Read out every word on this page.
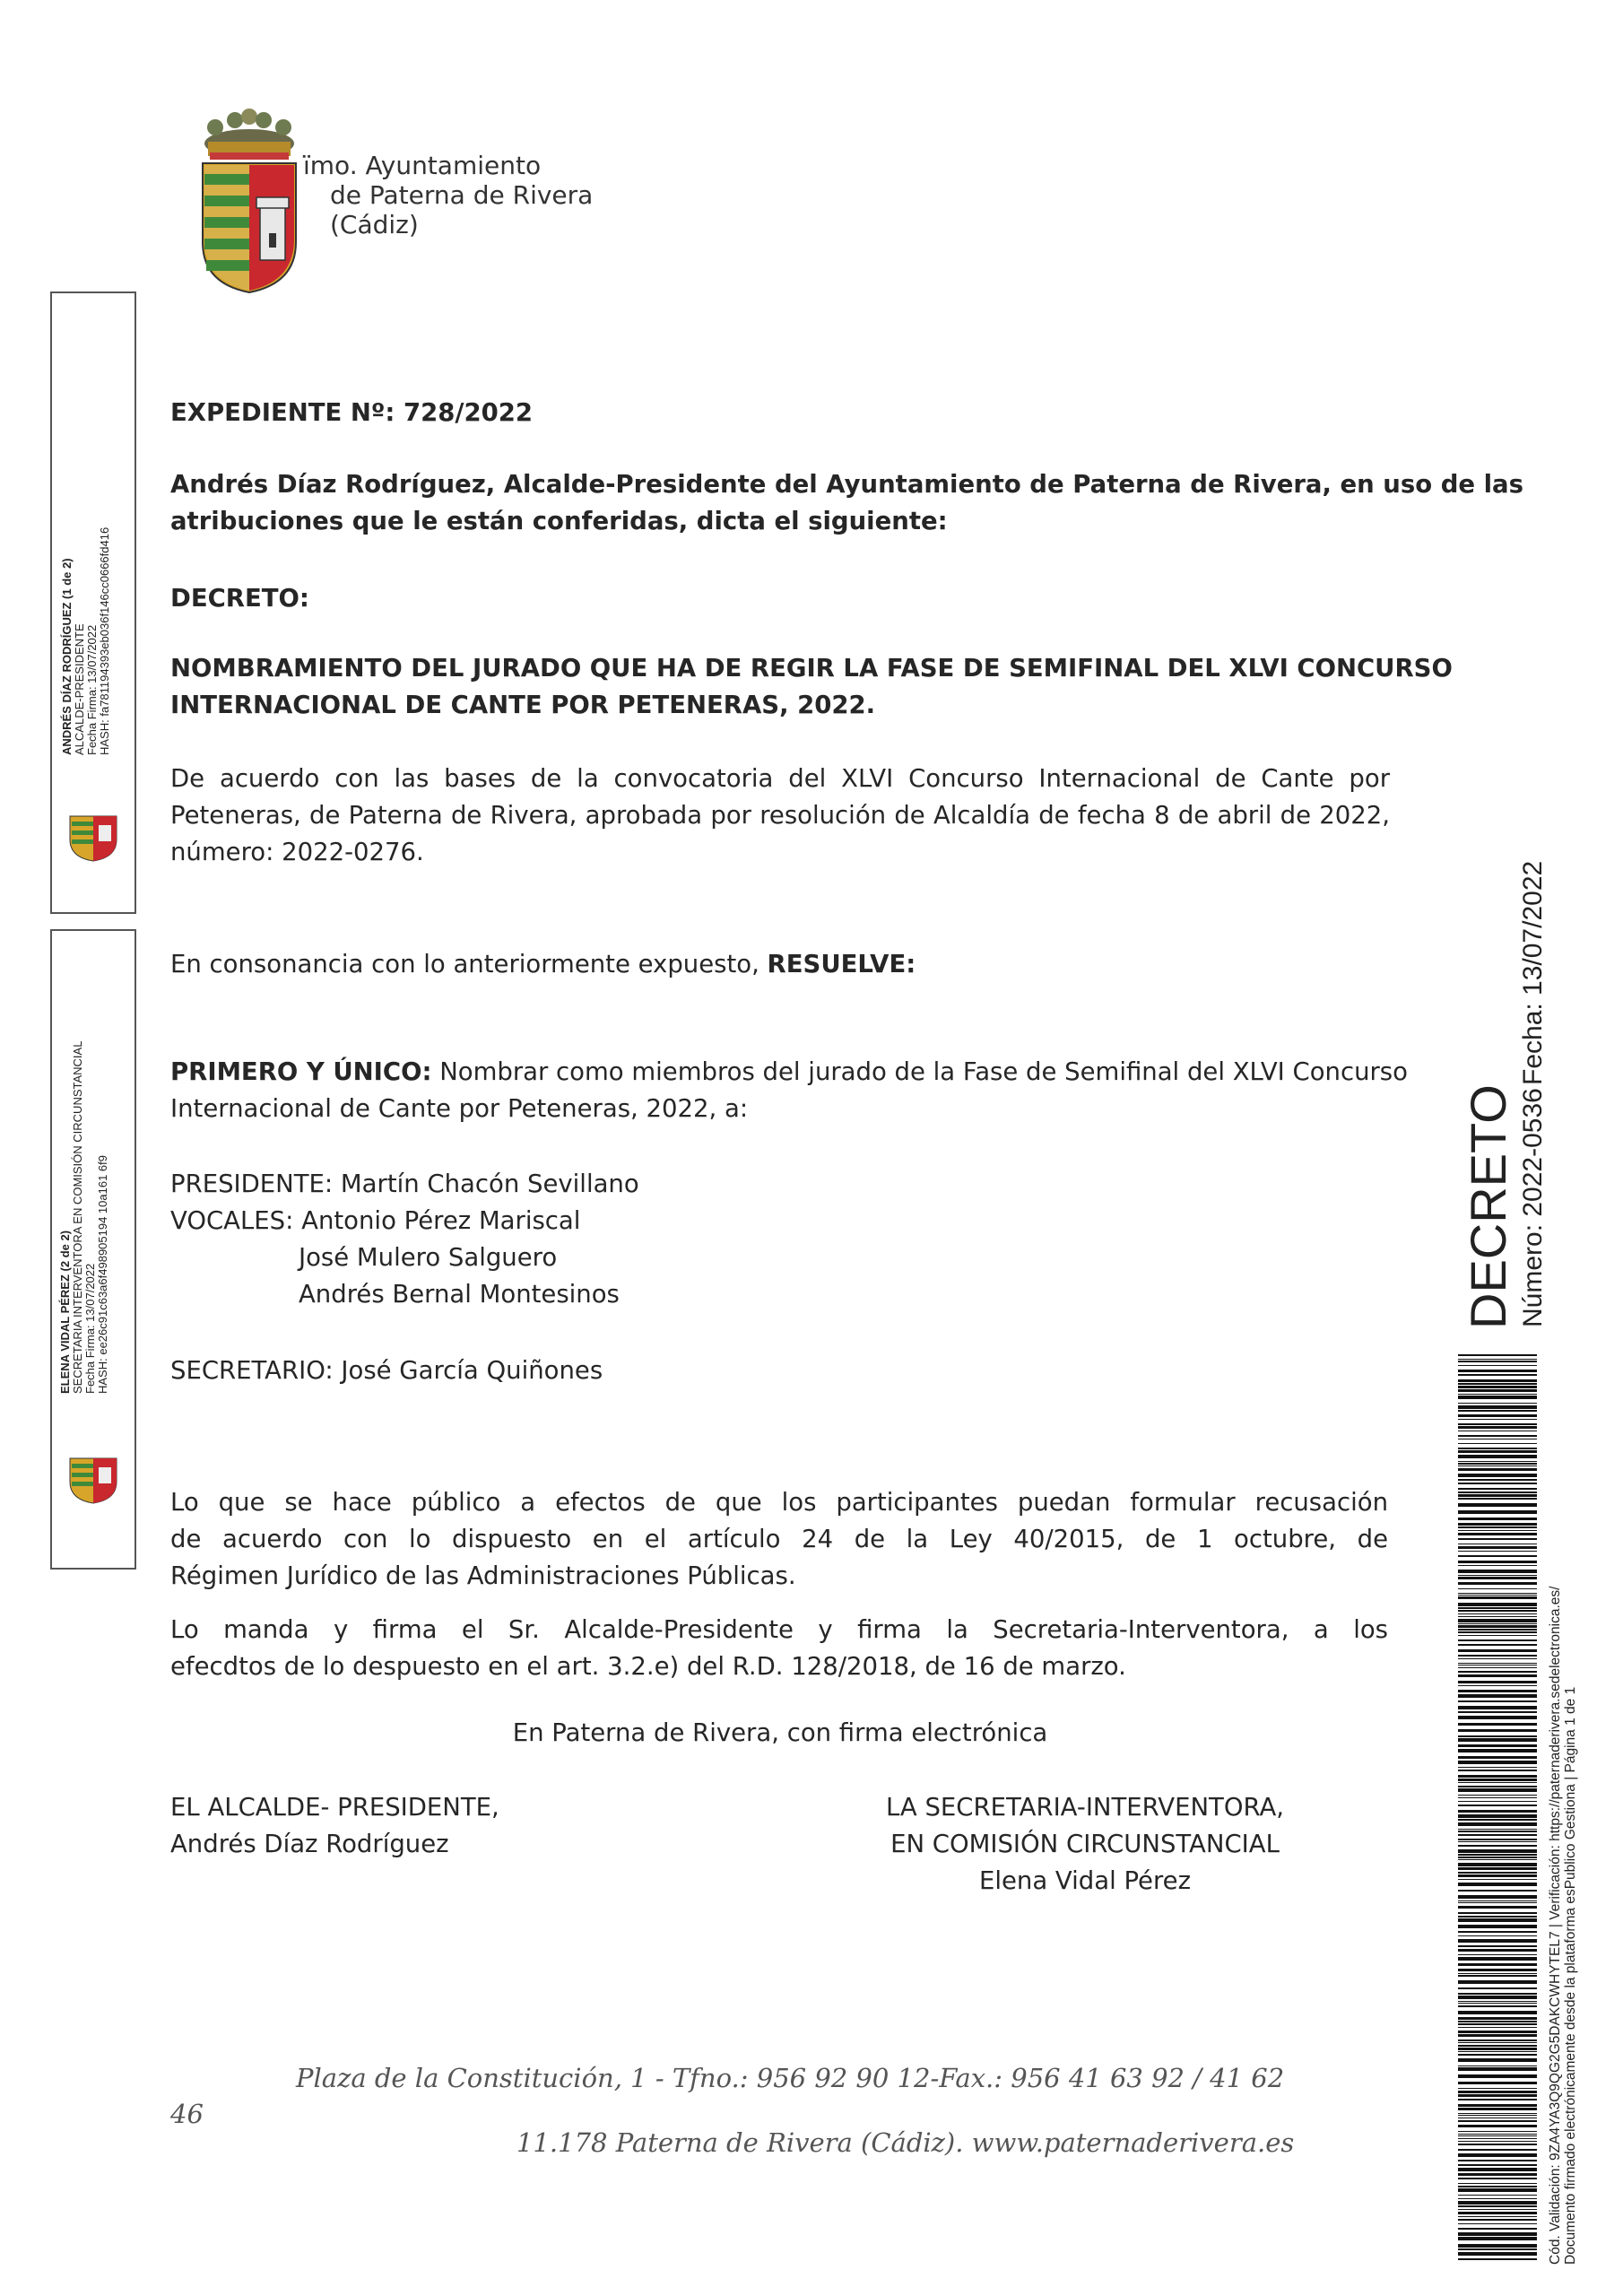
ïmo. Ayuntamiento
de Paterna de Rivera
(Cádiz)
ANDRÉS DÍAZ RODRÍGUEZ (1 de 2) ALCALDE-PRESIDENTE Fecha Firma: 13/07/2022 HASH: fa781194393eb036f146cc0666fd416
ELENA VIDAL PÉREZ (2 de 2) SECRETARIA INTERVENTORA EN COMISIÓN CIRCUNSTANCIAL Fecha Firma: 13/07/2022 HASH: ee26c91c63a6f498905194 10a161 6f9
EXPEDIENTE Nº: 728/2022
Andrés Díaz Rodríguez, Alcalde-Presidente del Ayuntamiento de Paterna de Rivera, en uso de las
atribuciones que le están conferidas, dicta el siguiente:
DECRETO:
NOMBRAMIENTO DEL JURADO QUE HA DE REGIR LA FASE DE SEMIFINAL DEL XLVI CONCURSO
INTERNACIONAL DE CANTE POR PETENERAS, 2022.
De acuerdo con las bases de la convocatoria del XLVI Concurso Internacional de Cante por
Peteneras, de Paterna de Rivera, aprobada por resolución de Alcaldía de fecha 8 de abril de 2022,
número: 2022-0276.
En consonancia con lo anteriormente expuesto, RESUELVE:
PRIMERO Y ÚNICO: Nombrar como miembros del jurado de la Fase de Semifinal del XLVI Concurso
Internacional de Cante por Peteneras, 2022, a:
PRESIDENTE: Martín Chacón Sevillano
VOCALES: Antonio Pérez Mariscal
José Mulero Salguero
Andrés Bernal Montesinos
SECRETARIO: José García Quiñones
Lo que se hace público a efectos de que los participantes puedan formular recusación
de acuerdo con lo dispuesto en el artículo 24 de la Ley 40/2015, de 1 octubre, de
Régimen Jurídico de las Administraciones Públicas.
Lo manda y firma el Sr. Alcalde-Presidente y firma la Secretaria-Interventora, a los
efecdtos de lo despuesto en el art. 3.2.e) del R.D. 128/2018, de 16 de marzo.
En Paterna de Rivera, con firma electrónica
EL ALCALDE- PRESIDENTE,
Andrés Díaz Rodríguez
LA SECRETARIA-INTERVENTORA,
EN COMISIÓN CIRCUNSTANCIAL
Elena Vidal Pérez
Plaza de la Constitución, 1 - Tfno.: 956 92 90 12-Fax.: 956 41 63 92 / 41 62
46
11.178 Paterna de Rivera (Cádiz). www.paternaderivera.es
DECRETO Número: 2022-0536
Fecha: 13/07/2022
Cód. Validación: 9ZA4YA3Q9QG2G5DAKCWHYTEL7 | Verificación: https://paternaderivera.sedelectronica.es/ Documento firmado electrónicamente desde la plataforma esPublico Gestiona | Página 1 de 1
